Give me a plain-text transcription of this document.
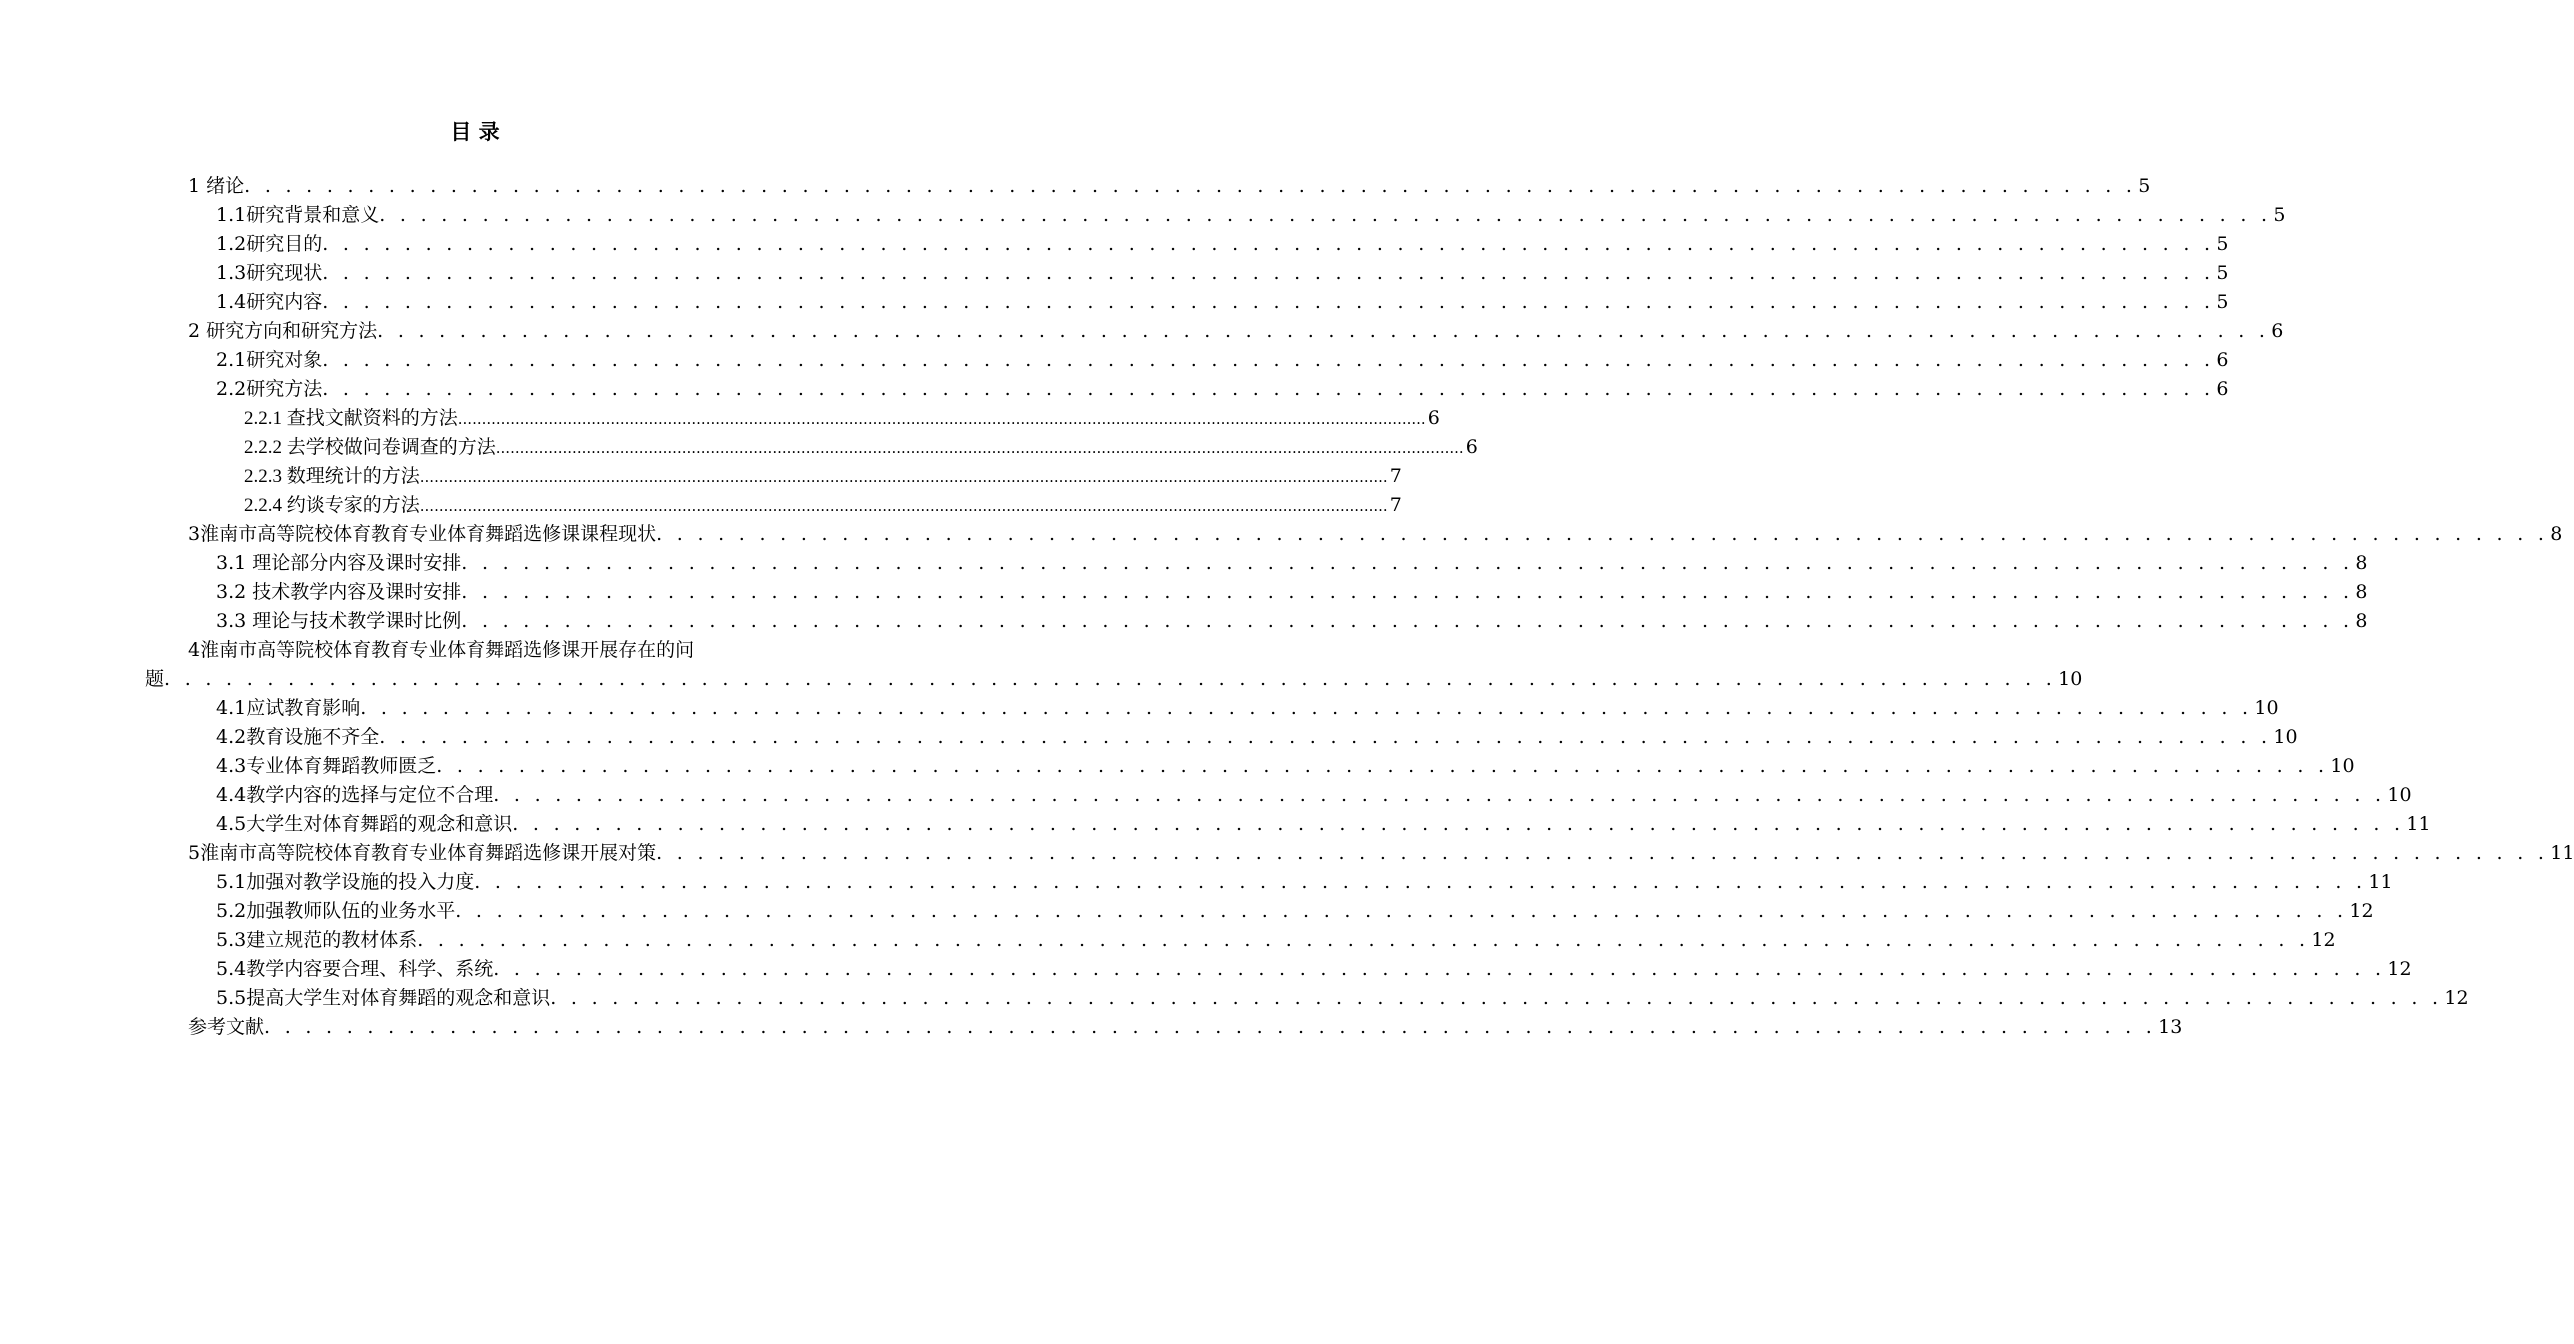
目 录
1 绪论 . . . . . . . . . . . . . . . . . . . . . . . . . . . . . . . . . . . . . . . . . . . . . . . . . . . . . . . . . . . . . . . . . . . . . . . . . . . . . . . . . . . . . . . . . . . . 5
1.1研究背景和意义 . . . . . . . . . . . . . . . . . . . . . . . . . . . . . . . . . . . . . . . . . . . . . . . . . . . . . . . . . . . . . . . . . . . . . . . . . . . . . . . . . . . . . . . . . . . . 5
1.2研究目的 . . . . . . . . . . . . . . . . . . . . . . . . . . . . . . . . . . . . . . . . . . . . . . . . . . . . . . . . . . . . . . . . . . . . . . . . . . . . . . . . . . . . . . . . . . . . 5
1.3研究现状 . . . . . . . . . . . . . . . . . . . . . . . . . . . . . . . . . . . . . . . . . . . . . . . . . . . . . . . . . . . . . . . . . . . . . . . . . . . . . . . . . . . . . . . . . . . . 5
1.4研究内容 . . . . . . . . . . . . . . . . . . . . . . . . . . . . . . . . . . . . . . . . . . . . . . . . . . . . . . . . . . . . . . . . . . . . . . . . . . . . . . . . . . . . . . . . . . . . 5
2 研究方向和研究方法 . . . . . . . . . . . . . . . . . . . . . . . . . . . . . . . . . . . . . . . . . . . . . . . . . . . . . . . . . . . . . . . . . . . . . . . . . . . . . . . . . . . . . . . . . . . . 6
2.1研究对象 . . . . . . . . . . . . . . . . . . . . . . . . . . . . . . . . . . . . . . . . . . . . . . . . . . . . . . . . . . . . . . . . . . . . . . . . . . . . . . . . . . . . . . . . . . . . 6
2.2研究方法 . . . . . . . . . . . . . . . . . . . . . . . . . . . . . . . . . . . . . . . . . . . . . . . . . . . . . . . . . . . . . . . . . . . . . . . . . . . . . . . . . . . . . . . . . . . . 6
2.2.1 查找文献资料的方法 ........................................................................................................................................................................................................... 6
2.2.2 去学校做问卷调查的方法 ........................................................................................................................................................................................................... 6
2.2.3 数理统计的方法 ........................................................................................................................................................................................................... 7
2.2.4 约谈专家的方法 ........................................................................................................................................................................................................... 7
3淮南市高等院校体育教育专业体育舞蹈选修课课程现状 . . . . . . . . . . . . . . . . . . . . . . . . . . . . . . . . . . . . . . . . . . . . . . . . . . . . . . . . . . . . . . . . . . . . . . . . . . . . . . . . . . . . . . . . . . . . 8
3.1 理论部分内容及课时安排 . . . . . . . . . . . . . . . . . . . . . . . . . . . . . . . . . . . . . . . . . . . . . . . . . . . . . . . . . . . . . . . . . . . . . . . . . . . . . . . . . . . . . . . . . . . . 8
3.2 技术教学内容及课时安排 . . . . . . . . . . . . . . . . . . . . . . . . . . . . . . . . . . . . . . . . . . . . . . . . . . . . . . . . . . . . . . . . . . . . . . . . . . . . . . . . . . . . . . . . . . . . 8
3.3 理论与技术教学课时比例 . . . . . . . . . . . . . . . . . . . . . . . . . . . . . . . . . . . . . . . . . . . . . . . . . . . . . . . . . . . . . . . . . . . . . . . . . . . . . . . . . . . . . . . . . . . . 8
4淮南市高等院校体育教育专业体育舞蹈选修课开展存在的问
题 . . . . . . . . . . . . . . . . . . . . . . . . . . . . . . . . . . . . . . . . . . . . . . . . . . . . . . . . . . . . . . . . . . . . . . . . . . . . . . . . . . . . . . . . . . . . 10
4.1应试教育影响 . . . . . . . . . . . . . . . . . . . . . . . . . . . . . . . . . . . . . . . . . . . . . . . . . . . . . . . . . . . . . . . . . . . . . . . . . . . . . . . . . . . . . . . . . . . . 10
4.2教育设施不齐全 . . . . . . . . . . . . . . . . . . . . . . . . . . . . . . . . . . . . . . . . . . . . . . . . . . . . . . . . . . . . . . . . . . . . . . . . . . . . . . . . . . . . . . . . . . . . 10
4.3专业体育舞蹈教师匮乏 . . . . . . . . . . . . . . . . . . . . . . . . . . . . . . . . . . . . . . . . . . . . . . . . . . . . . . . . . . . . . . . . . . . . . . . . . . . . . . . . . . . . . . . . . . . . 10
4.4教学内容的选择与定位不合理 . . . . . . . . . . . . . . . . . . . . . . . . . . . . . . . . . . . . . . . . . . . . . . . . . . . . . . . . . . . . . . . . . . . . . . . . . . . . . . . . . . . . . . . . . . . . 10
4.5大学生对体育舞蹈的观念和意识 . . . . . . . . . . . . . . . . . . . . . . . . . . . . . . . . . . . . . . . . . . . . . . . . . . . . . . . . . . . . . . . . . . . . . . . . . . . . . . . . . . . . . . . . . . . . 11
5淮南市高等院校体育教育专业体育舞蹈选修课开展对策 . . . . . . . . . . . . . . . . . . . . . . . . . . . . . . . . . . . . . . . . . . . . . . . . . . . . . . . . . . . . . . . . . . . . . . . . . . . . . . . . . . . . . . . . . . . . 11
5.1加强对教学设施的投入力度 . . . . . . . . . . . . . . . . . . . . . . . . . . . . . . . . . . . . . . . . . . . . . . . . . . . . . . . . . . . . . . . . . . . . . . . . . . . . . . . . . . . . . . . . . . . . 11
5.2加强教师队伍的业务水平 . . . . . . . . . . . . . . . . . . . . . . . . . . . . . . . . . . . . . . . . . . . . . . . . . . . . . . . . . . . . . . . . . . . . . . . . . . . . . . . . . . . . . . . . . . . . 12
5.3建立规范的教材体系 . . . . . . . . . . . . . . . . . . . . . . . . . . . . . . . . . . . . . . . . . . . . . . . . . . . . . . . . . . . . . . . . . . . . . . . . . . . . . . . . . . . . . . . . . . . . 12
5.4教学内容要合理、科学、系统 . . . . . . . . . . . . . . . . . . . . . . . . . . . . . . . . . . . . . . . . . . . . . . . . . . . . . . . . . . . . . . . . . . . . . . . . . . . . . . . . . . . . . . . . . . . . 12
5.5提高大学生对体育舞蹈的观念和意识 . . . . . . . . . . . . . . . . . . . . . . . . . . . . . . . . . . . . . . . . . . . . . . . . . . . . . . . . . . . . . . . . . . . . . . . . . . . . . . . . . . . . . . . . . . . . 12
参考文献 . . . . . . . . . . . . . . . . . . . . . . . . . . . . . . . . . . . . . . . . . . . . . . . . . . . . . . . . . . . . . . . . . . . . . . . . . . . . . . . . . . . . . . . . . . . . 13
